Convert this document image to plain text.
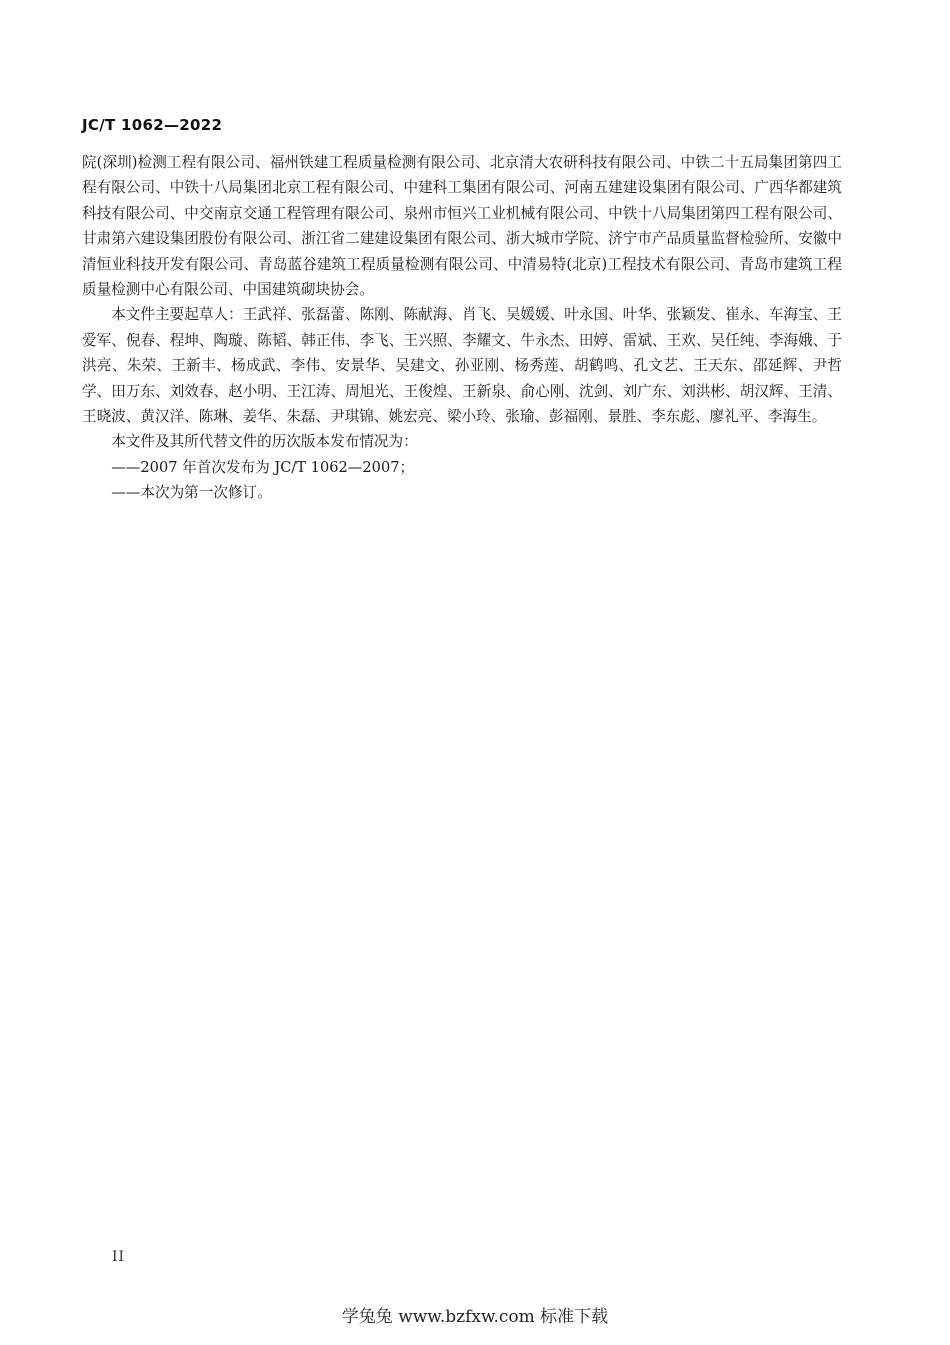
JC/T 1062—2022

院(深圳)检测工程有限公司、福州铁建工程质量检测有限公司、北京清大农研科技有限公司、中铁二十五局集团第四工程有限公司、中铁十八局集团北京工程有限公司、中建科工集团有限公司、河南五建建设集团有限公司、广西华都建筑科技有限公司、中交南京交通工程管理有限公司、泉州市恒兴工业机械有限公司、中铁十八局集团第四工程有限公司、甘肃第六建设集团股份有限公司、浙江省二建建设集团有限公司、浙大城市学院、济宁市产品质量监督检验所、安徽中清恒业科技开发有限公司、青岛蓝谷建筑工程质量检测有限公司、中清易特(北京)工程技术有限公司、青岛市建筑工程质量检测中心有限公司、中国建筑砌块协会。

本文件主要起草人：王武祥、张磊蕾、陈刚、陈献海、肖飞、吴媛媛、叶永国、叶华、张颖发、崔永、车海宝、王爱军、倪春、程坤、陶璇、陈韬、韩正伟、李飞、王兴照、李耀文、牛永杰、田婷、雷斌、王欢、吴任纯、李海娥、于洪亮、朱荣、王新丰、杨成武、李伟、安景华、吴建文、孙亚刚、杨秀莲、胡鹤鸣、孔文艺、王天东、邵延辉、尹哲学、田万东、刘效春、赵小明、王江涛、周旭光、王俊煌、王新泉、俞心刚、沈剑、刘广东、刘洪彬、胡汉辉、王清、王晓波、黄汉洋、陈琳、姜华、朱磊、尹琪锦、姚宏亮、梁小玲、张瑜、彭福刚、景胜、李东彪、廖礼平、李海生。

本文件及其所代替文件的历次版本发布情况为：

——2007 年首次发布为 JC/T 1062—2007；

——本次为第一次修订。

II
学兔兔 www.bzfxw.com 标准下载
